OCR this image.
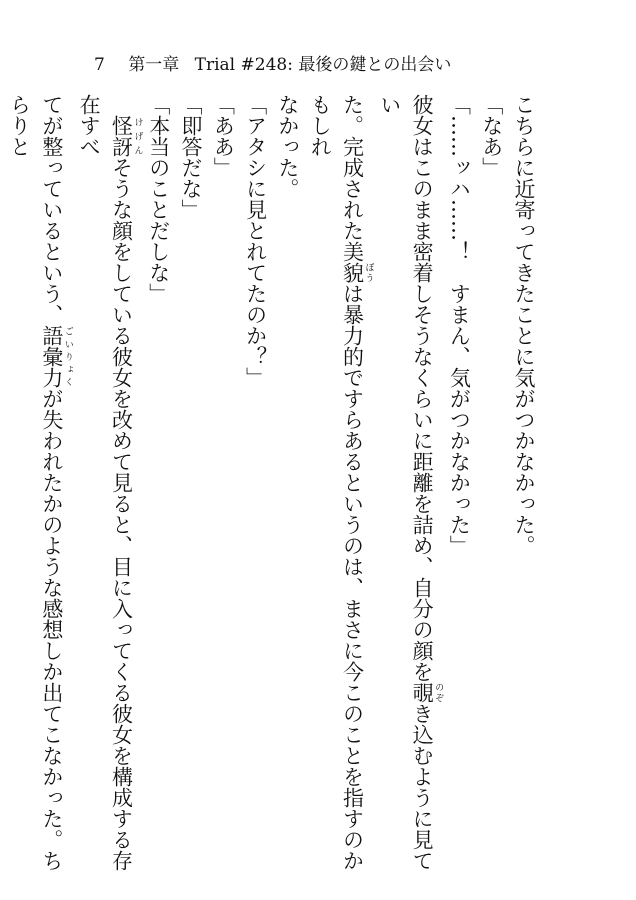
7 第一章 Trial #248: 最後の鍵との出会い

こちらに近寄ってきたことに気がつかなかった。

「なあ」

「……ッハ……！　すまん、気がつかなかった」

彼女はこのまま密着しそうなくらいに距離を詰め、自分の顔を覗 のぞき込むように見てい

た。完成された美貌 ぼうは暴力的ですらあるというのは、まさに今このことを指すのかもしれ

なかった。

「アタシに見とれてたのか？」

「ああ」

「即答だな」

「本当のことだしな」

　怪訝 けげんそうな顔をしている彼女を改めて見ると、目に入ってくる彼女を構成する存在すべ

てが整っているという、語彙力 ごいりょくが失われたかのような感想しか出てこなかった。ちらりと
